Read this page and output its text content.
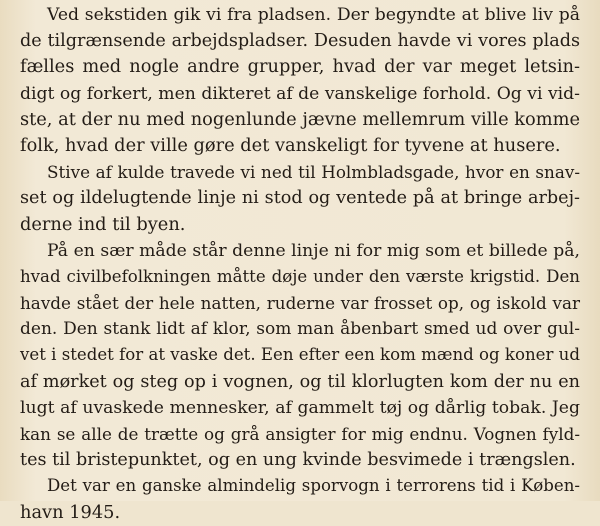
Ved sekstiden gik vi fra pladsen. Der begyndte at blive liv på
de tilgrænsende arbejdspladser. Desuden havde vi vores plads
fælles med nogle andre grupper, hvad der var meget letsin-
digt og forkert, men dikteret af de vanskelige forhold. Og vi vid-
ste, at der nu med nogenlunde jævne mellemrum ville komme
folk, hvad der ville gøre det vanskeligt for tyvene at husere.
Stive af kulde travede vi ned til Holmbladsgade, hvor en snav-
set og ildelugtende linje ni stod og ventede på at bringe arbej-
derne ind til byen.
På en sær måde står denne linje ni for mig som et billede på,
hvad civilbefolkningen måtte døje under den værste krigstid. Den
havde stået der hele natten, ruderne var frosset op, og iskold var
den. Den stank lidt af klor, som man åbenbart smed ud over gul-
vet i stedet for at vaske det. Een efter een kom mænd og koner ud
af mørket og steg op i vognen, og til klorlugten kom der nu en
lugt af uvaskede mennesker, af gammelt tøj og dårlig tobak. Jeg
kan se alle de trætte og grå ansigter for mig endnu. Vognen fyld-
tes til bristepunktet, og en ung kvinde besvimede i trængslen.
Det var en ganske almindelig sporvogn i terrorens tid i Køben-
havn 1945.
